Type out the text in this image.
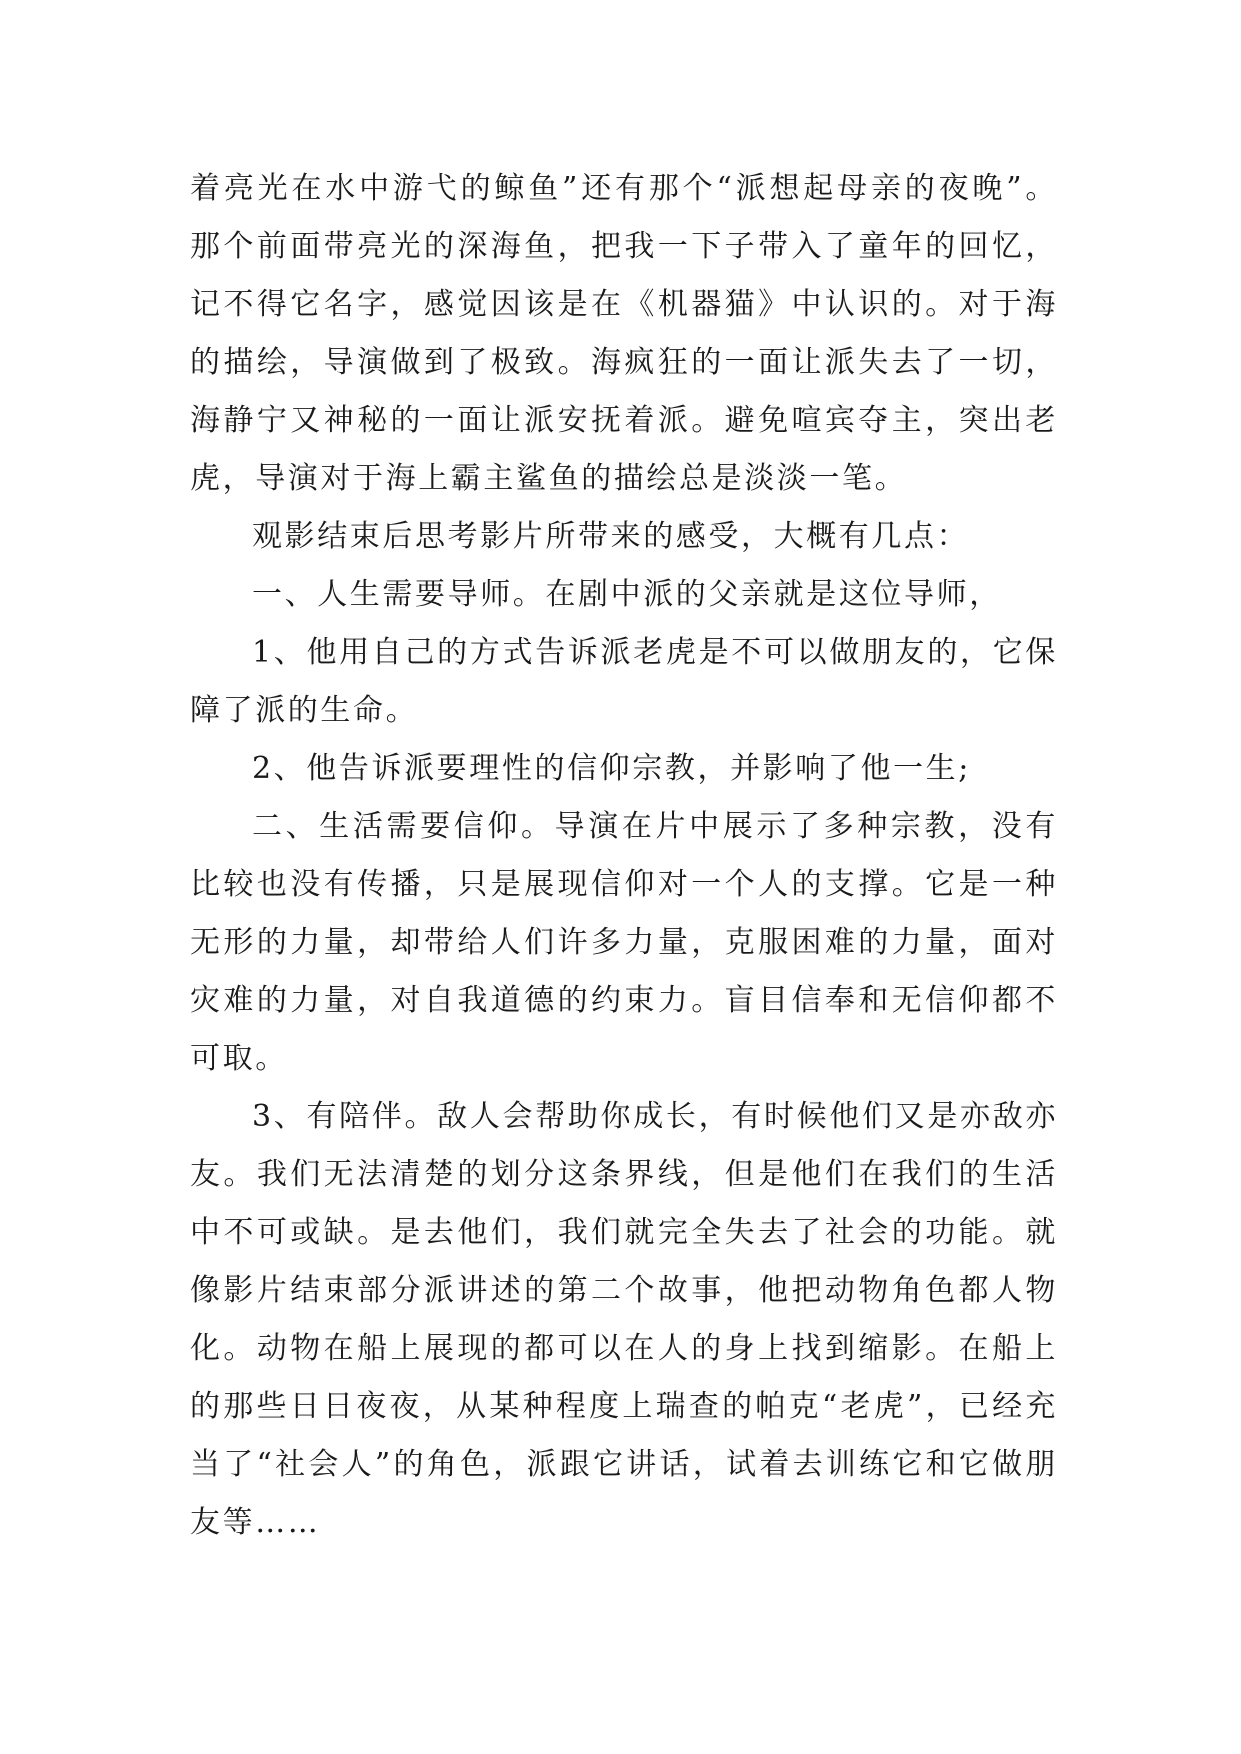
着亮光在水中游弋的鲸鱼”还有那个“派想起母亲的夜晚”。那个前面带亮光的深海鱼，把我一下子带入了童年的回忆，记不得它名字，感觉因该是在《机器猫》中认识的。对于海的描绘，导演做到了极致。海疯狂的一面让派失去了一切，海静宁又神秘的一面让派安抚着派。避免喧宾夺主，突出老虎，导演对于海上霸主鲨鱼的描绘总是淡淡一笔。

观影结束后思考影片所带来的感受，大概有几点：

一、人生需要导师。在剧中派的父亲就是这位导师，

1、他用自己的方式告诉派老虎是不可以做朋友的，它保障了派的生命。

2、他告诉派要理性的信仰宗教，并影响了他一生;

二、生活需要信仰。导演在片中展示了多种宗教，没有比较也没有传播，只是展现信仰对一个人的支撑。它是一种无形的力量，却带给人们许多力量，克服困难的力量，面对灾难的力量，对自我道德的约束力。盲目信奉和无信仰都不可取。

3、有陪伴。敌人会帮助你成长，有时候他们又是亦敌亦友。我们无法清楚的划分这条界线，但是他们在我们的生活中不可或缺。是去他们，我们就完全失去了社会的功能。就像影片结束部分派讲述的第二个故事，他把动物角色都人物化。动物在船上展现的都可以在人的身上找到缩影。在船上的那些日日夜夜，从某种程度上瑞查的帕克“老虎”，已经充当了“社会人”的角色，派跟它讲话，试着去训练它和它做朋友等……
